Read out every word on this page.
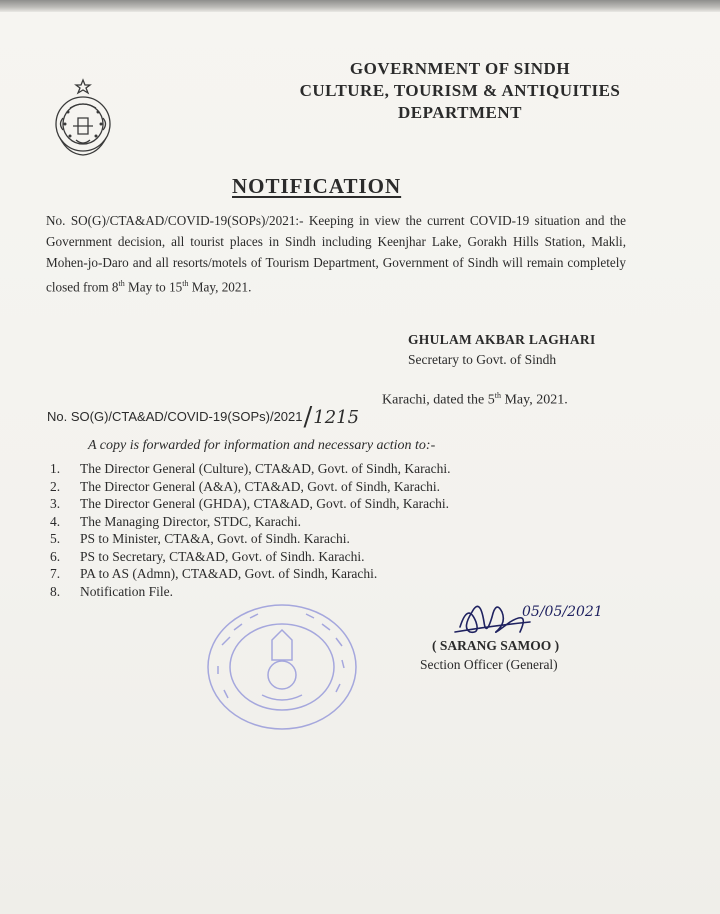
GOVERNMENT OF SINDH
CULTURE, TOURISM & ANTIQUITIES
DEPARTMENT
NOTIFICATION
No. SO(G)/CTA&AD/COVID-19(SOPs)/2021:- Keeping in view the current COVID-19 situation and the Government decision, all tourist places in Sindh including Keenjhar Lake, Gorakh Hills Station, Makli, Mohen-jo-Daro and all resorts/motels of Tourism Department, Government of Sindh will remain completely closed from 8th May to 15th May, 2021.
GHULAM AKBAR LAGHARI
Secretary to Govt. of Sindh
No. SO(G)/CTA&AD/COVID-19(SOPs)/2021/1215
Karachi, dated the 5th May, 2021.
A copy is forwarded for information and necessary action to:-
1.	The Director General (Culture), CTA&AD, Govt. of Sindh, Karachi.
2.	The Director General (A&A), CTA&AD, Govt. of Sindh, Karachi.
3.	The Director General (GHDA), CTA&AD, Govt. of Sindh, Karachi.
4.	The Managing Director, STDC, Karachi.
5.	PS to Minister, CTA&A, Govt. of Sindh. Karachi.
6.	PS to Secretary, CTA&AD, Govt. of Sindh. Karachi.
7.	PA to AS (Admn), CTA&AD, Govt. of Sindh, Karachi.
8.	Notification File.
05/05/2021
( SARANG SAMOO )
Section Officer (General)
